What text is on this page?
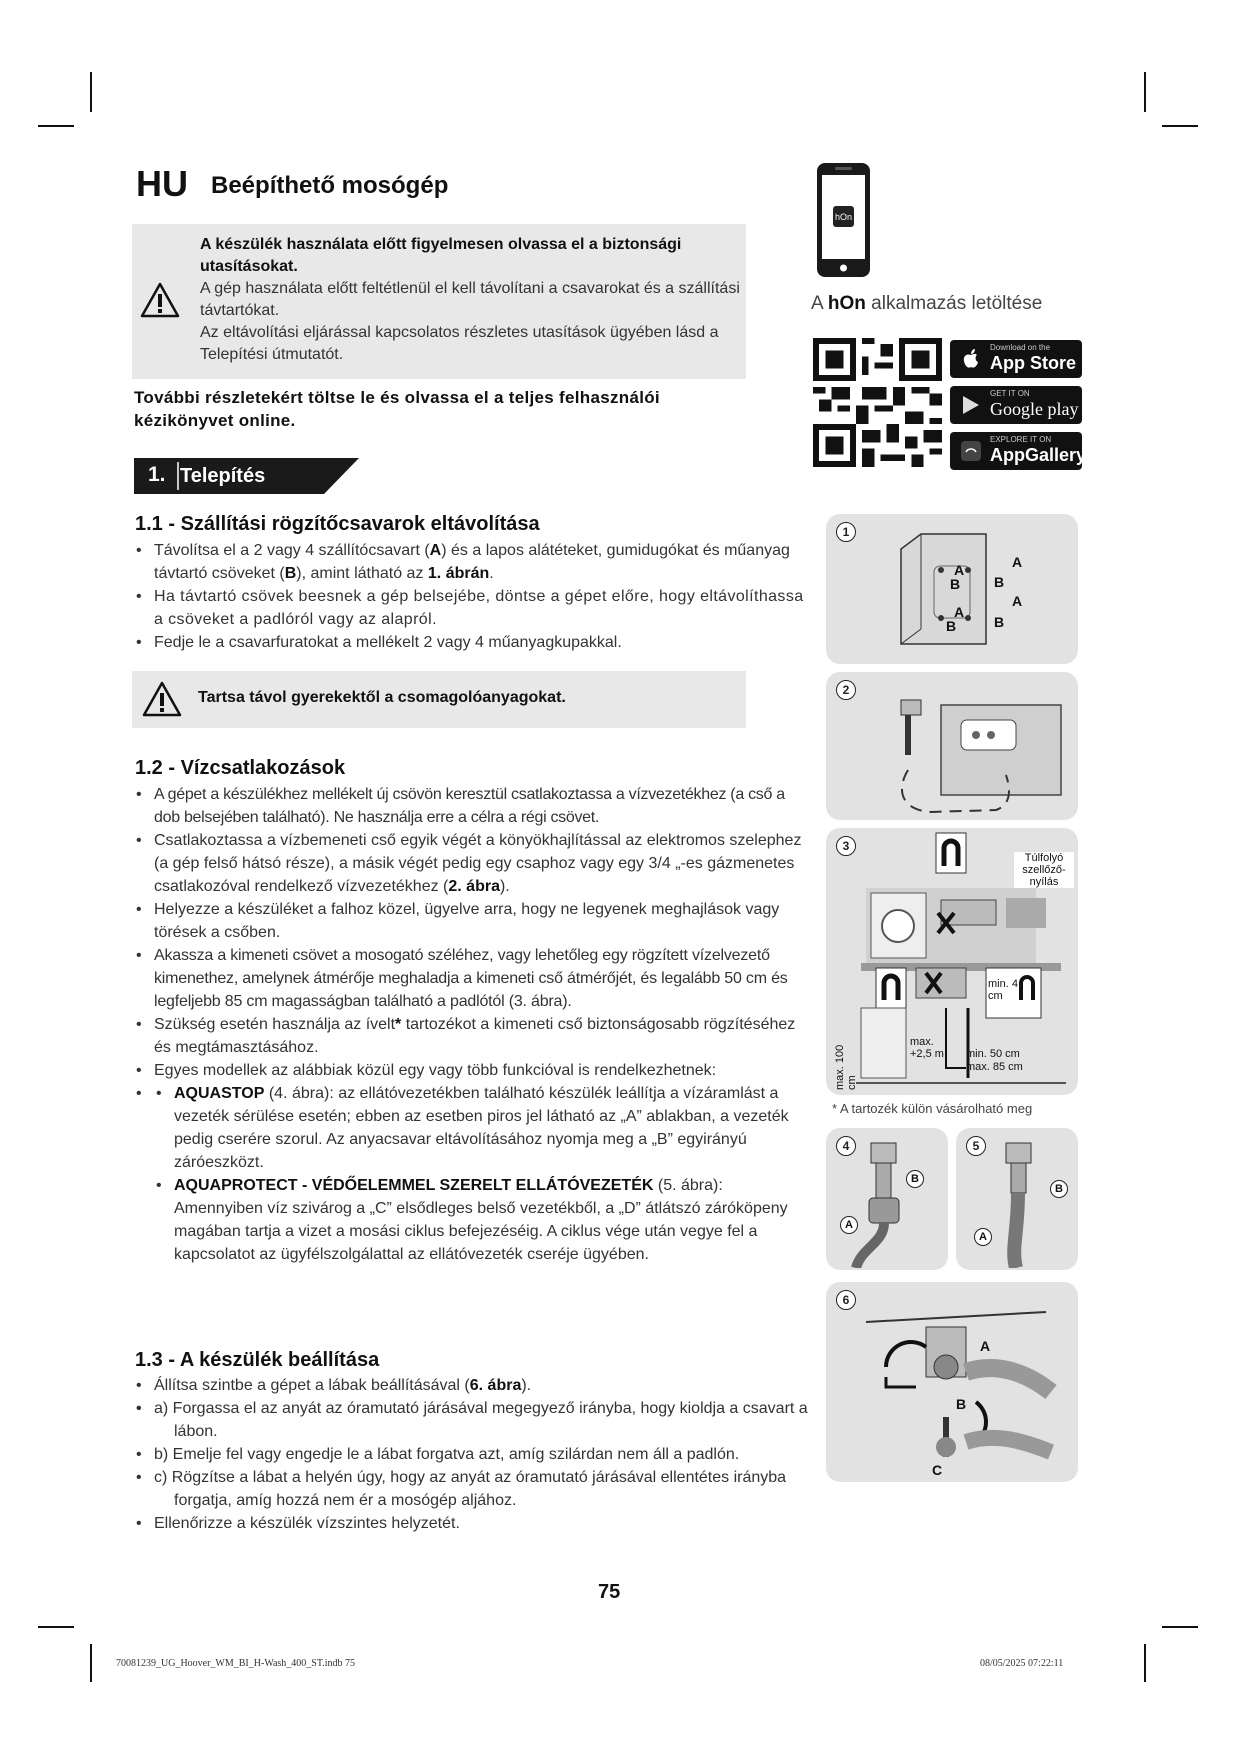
HU Beépíthető mosógép
A készülék használata előtt figyelmesen olvassa el a biztonsági utasításokat.
A gép használata előtt feltétlenül el kell távolítani a csavarokat és a szállítási távtartókat.
Az eltávolítási eljárással kapcsolatos részletes utasítások ügyében lásd a Telepítési útmutatót.
További részletekért töltse le és olvassa el a teljes felhasználói kézikönyvet online.
hOn
A hOn alkalmazás letöltése
Download on the
App Store
GET IT ON
Google play
EXPLORE IT ON
AppGallery
1. Telepítés
1.1 - Szállítási rögzítőcsavarok eltávolítása
• Távolítsa el a 2 vagy 4 szállítócsavart (A) és a lapos alátéteket, gumidugókat és műanyag távtartó csöveket (B), amint látható az 1. ábrán.
• Ha távtartó csövek beesnek a gép belsejébe, döntse a gépet előre, hogy eltávolíthassa a csöveket a padlóról vagy az alapról.
• Fedje le a csavarfuratokat a mellékelt 2 vagy 4 műanyagkupakkal.
Tartsa távol gyerekektől a csomagolóanyagokat.
1.2 - Vízcsatlakozások
• A gépet a készülékhez mellékelt új csövön keresztül csatlakoztassa a vízvezetékhez (a cső a dob belsejében található). Ne használja erre a célra a régi csövet.
• Csatlakoztassa a vízbemeneti cső egyik végét a könyökhajlítással az elektromos szelephez (a gép felső hátsó része), a másik végét pedig egy csaphoz vagy egy 3/4 „-es gázmenetes csatlakozóval rendelkező vízvezetékhez (2. ábra).
• Helyezze a készüléket a falhoz közel, ügyelve arra, hogy ne legyenek meghajlások vagy törések a csőben.
• Akassza a kimeneti csövet a mosogató széléhez, vagy lehetőleg egy rögzített vízelvezető kimenethez, amelynek átmérője meghaladja a kimeneti cső átmérőjét, és legalább 50 cm és legfeljebb 85 cm magasságban található a padlótól (3. ábra).
• Szükség esetén használja az ívelt* tartozékot a kimeneti cső biztonságosabb rögzítéséhez és megtámasztásához.
• Egyes modellek az alábbiak közül egy vagy több funkcióval is rendelkezhetnek:
• • AQUASTOP (4. ábra): az ellátóvezetékben található készülék leállítja a vízáramlást a vezeték sérülése esetén; ebben az esetben piros jel látható az „A” ablakban, a vezeték pedig cserére szorul. Az anyacsavar eltávolításához nyomja meg a „B” egyirányú záróeszközt.
• AQUAPROTECT - VÉDŐELEMMEL SZERELT ELLÁTÓVEZETÉK (5. ábra): Amennyiben víz szivárog a „C” elsődleges belső vezetékből, a „D” átlátszó záróköpeny magában tartja a vizet a mosási ciklus befejezéséig. A ciklus vége után vegye fel a kapcsolatot az ügyfélszolgálattal az ellátóvezeték cseréje ügyében.
1.3 - A készülék beállítása
• Állítsa szintbe a gépet a lábak beállításával (6. ábra).
• • a) Forgassa el az anyát az óramutató járásával megegyező irányba, hogy kioldja a csavart a lábon.
• b) Emelje fel vagy engedje le a lábat forgatva azt, amíg szilárdan nem áll a padlón.
• c) Rögzítse a lábat a helyén úgy, hogy az anyát az óramutató járásával ellentétes irányba forgatja, amíg hozzá nem ér a mosógép aljához.
• Ellenőrizze a készülék vízszintes helyzetét.
1
A
B
A
B
A
A
B
B
2
3
Túlfolyó szellőző-nyílás
min. 4 cm
max. 100 cm
max. +2,5 m	min. 50 cm
max. 85 cm
* A tartozék külön vásárolható meg
4
B
A
5
B
A
6
A
B
C
75
70081239_UG_Hoover_WM_BI_H-Wash_400_ST.indb 75	08/05/2025 07:22:11
